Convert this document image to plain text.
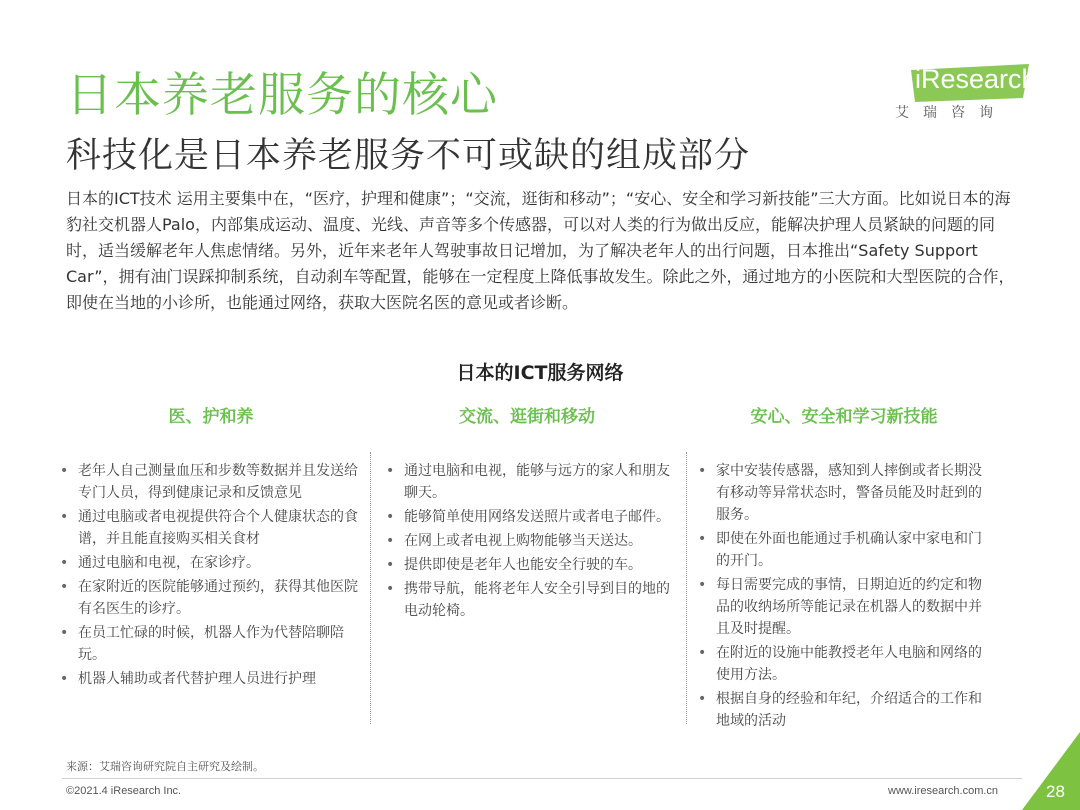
日本养老服务的核心
科技化是日本养老服务不可或缺的组成部分
iResearch
艾瑞咨询

日本的ICT技术 运用主要集中在，“医疗，护理和健康”；“交流，逛街和移动”；“安心、安全和学习新技能”三大方面。比如说日本的海豹社交机器人Palo，内部集成运动、温度、光线、声音等多个传感器，可以对人类的行为做出反应，能解决护理人员紧缺的问题的同时，适当缓解老年人焦虑情绪。另外，近年来老年人驾驶事故日记增加，为了解决老年人的出行问题，日本推出“Safety Support Car”，拥有油门误踩抑制系统，自动刹车等配置，能够在一定程度上降低事故发生。除此之外，通过地方的小医院和大型医院的合作，即使在当地的小诊所，也能通过网络，获取大医院名医的意见或者诊断。

日本的ICT服务网络
医、护和养
• 老年人自己测量血压和步数等数据并且发送给专门人员，得到健康记录和反馈意见
• 通过电脑或者电视提供符合个人健康状态的食谱，并且能直接购买相关食材
• 通过电脑和电视，在家诊疗。
• 在家附近的医院能够通过预约，获得其他医院有名医生的诊疗。
• 在员工忙碌的时候，机器人作为代替陪聊陪玩。
• 机器人辅助或者代替护理人员进行护理
交流、逛街和移动
• 通过电脑和电视，能够与远方的家人和朋友聊天。
• 能够简单使用网络发送照片或者电子邮件。
• 在网上或者电视上购物能够当天送达。
• 提供即使是老年人也能安全行驶的车。
• 携带导航，能将老年人安全引导到目的地的电动轮椅。
安心、安全和学习新技能
• 家中安装传感器，感知到人摔倒或者长期没有移动等异常状态时，警备员能及时赶到的服务。
• 即使在外面也能通过手机确认家中家电和门的开门。
• 每日需要完成的事情，日期迫近的约定和物品的收纳场所等能记录在机器人的数据中并且及时提醒。
• 在附近的设施中能教授老年人电脑和网络的使用方法。
• 根据自身的经验和年纪，介绍适合的工作和地域的活动
来源：艾瑞咨询研究院自主研究及绘制。
©2021.4 iResearch Inc.	www.iresearch.com.cn	28
